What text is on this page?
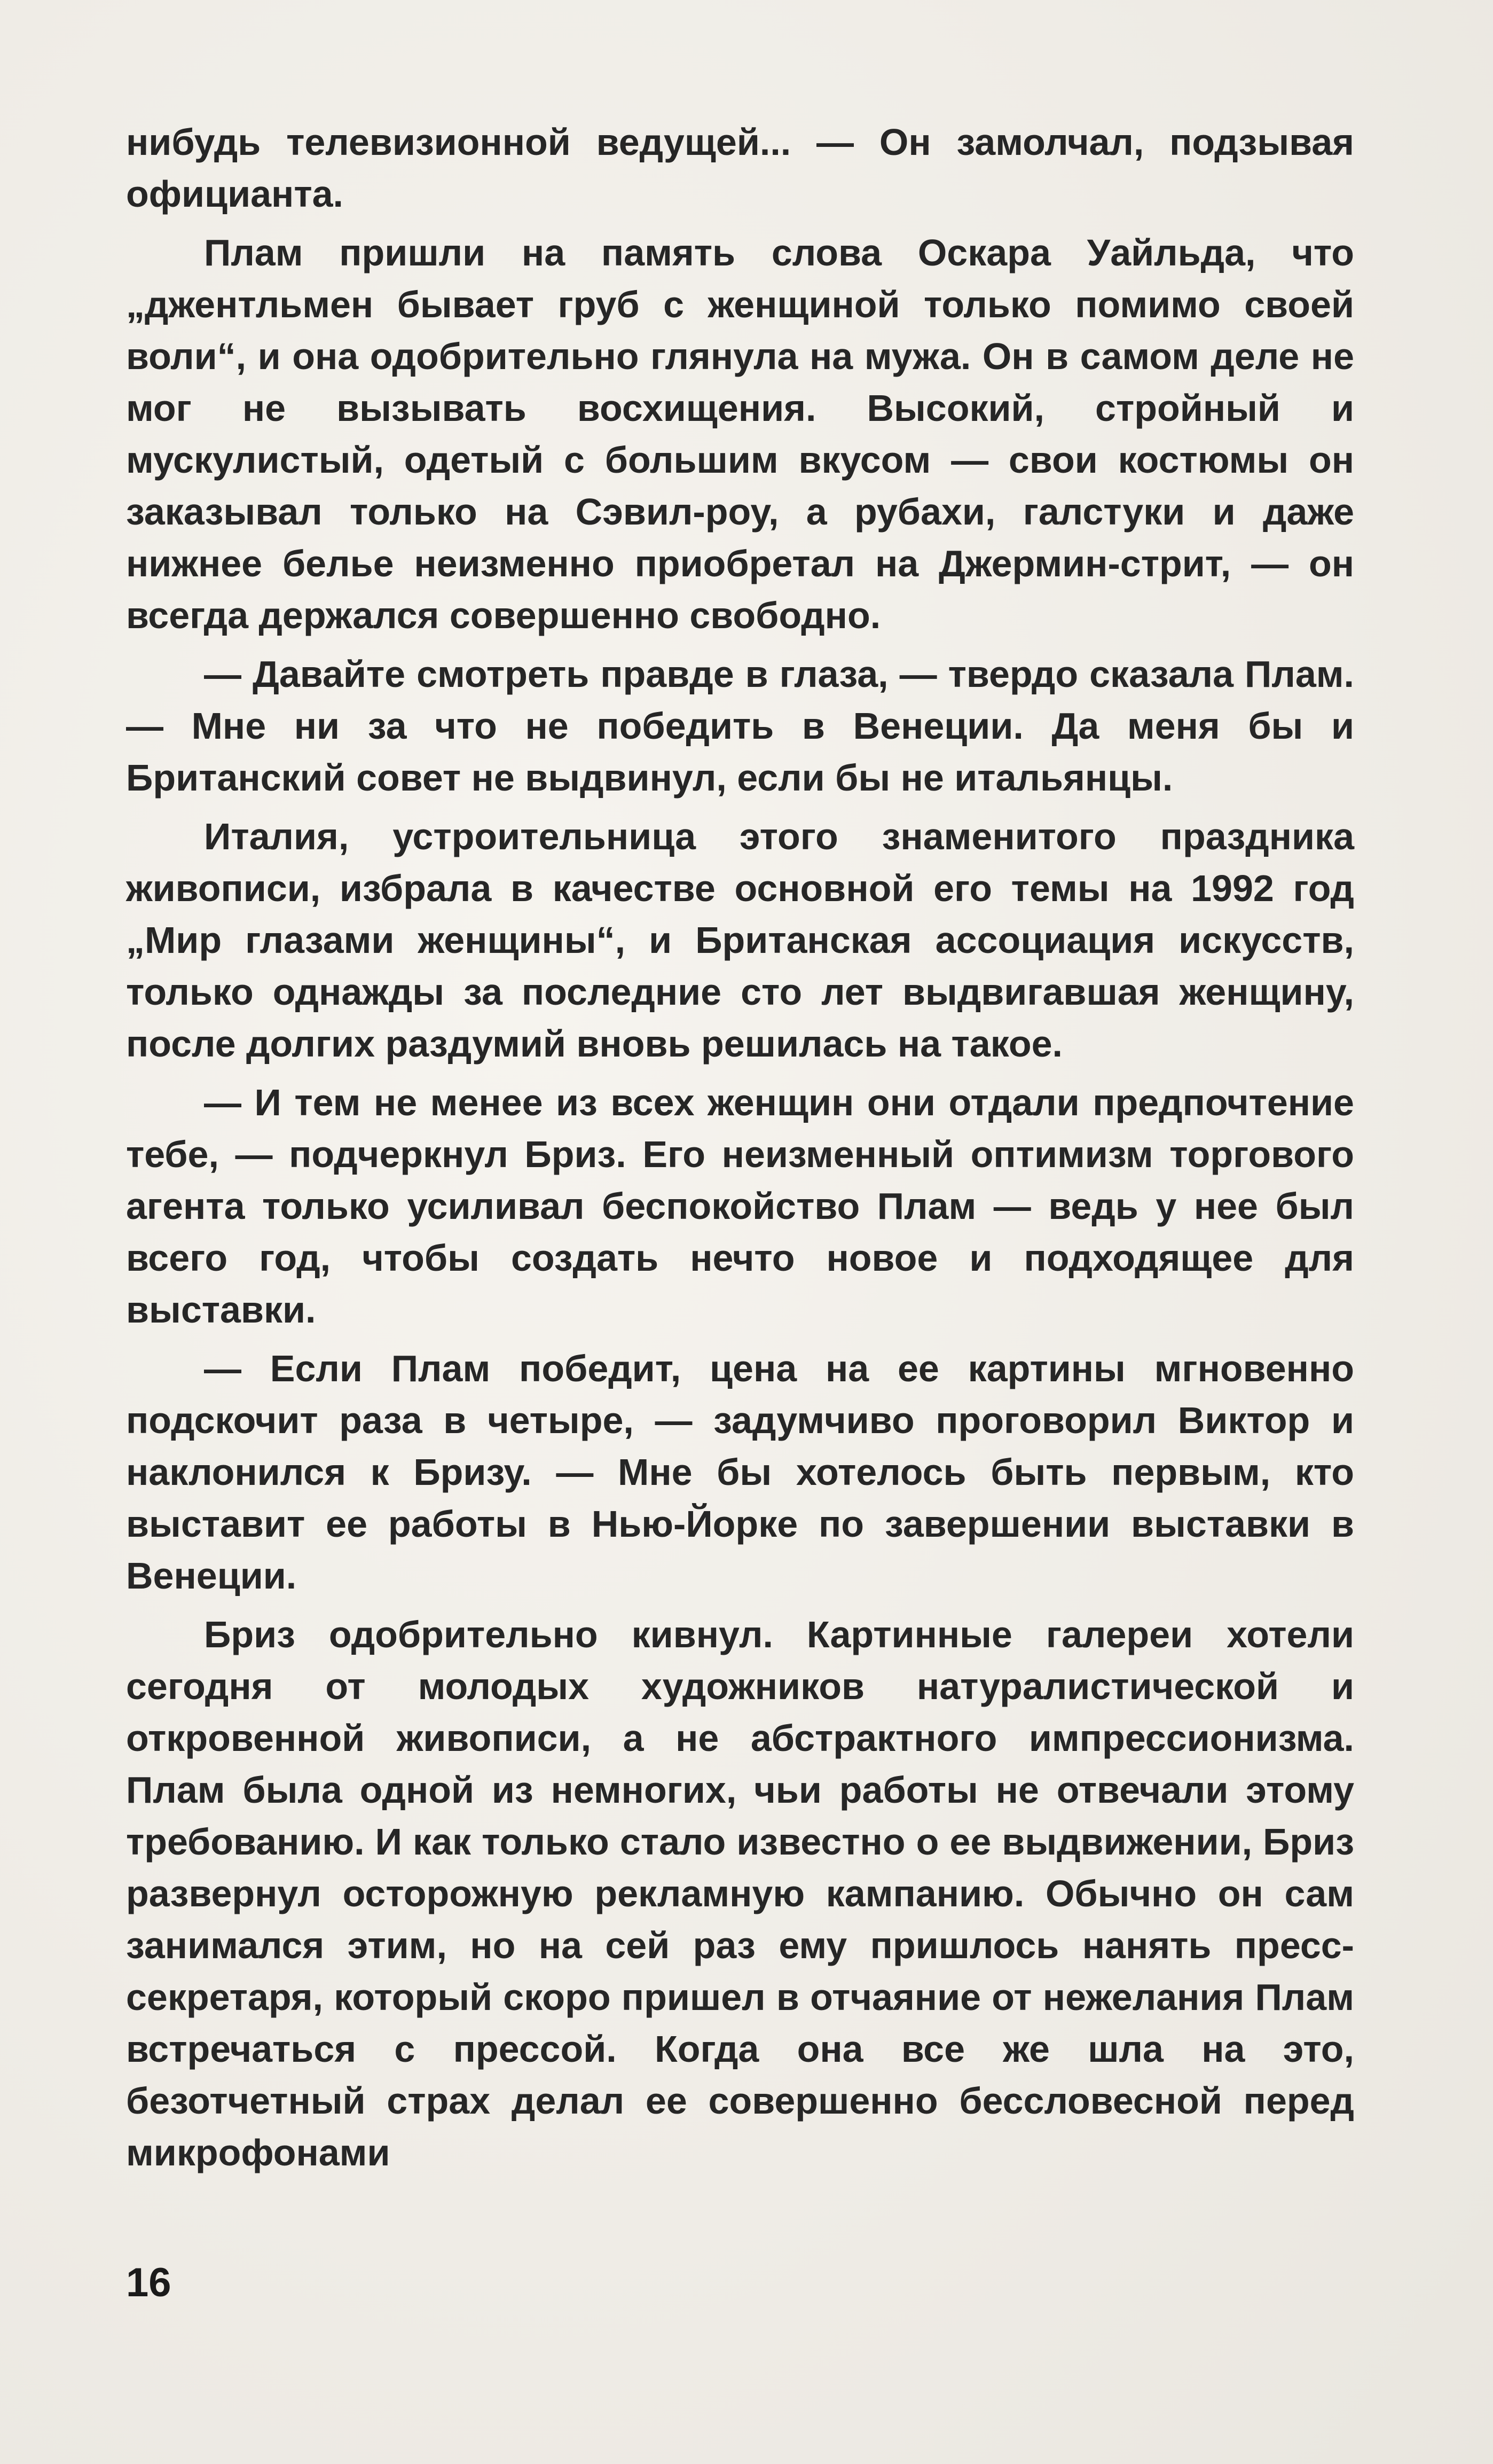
нибудь телевизионной ведущей... — Он замолчал, подзывая официанта.

Плам пришли на память слова Оскара Уайльда, что „джентльмен бывает груб с женщиной только помимо своей воли“, и она одобрительно глянула на мужа. Он в самом деле не мог не вызывать восхищения. Высокий, стройный и мускулистый, одетый с большим вкусом — свои костюмы он заказывал только на Сэвил-роу, а рубахи, галстуки и даже нижнее белье неизменно приобретал на Джермин-стрит, — он всегда держался совершенно свободно.

— Давайте смотреть правде в глаза, — твердо сказала Плам. — Мне ни за что не победить в Венеции. Да меня бы и Британский совет не выдвинул, если бы не итальянцы.

Италия, устроительница этого знаменитого праздника живописи, избрала в качестве основной его темы на 1992 год „Мир глазами женщины“, и Британская ассоциация искусств, только однажды за последние сто лет выдвигавшая женщину, после долгих раздумий вновь решилась на такое.

— И тем не менее из всех женщин они отдали предпочтение тебе, — подчеркнул Бриз. Его неизменный оптимизм торгового агента только усиливал беспокойство Плам — ведь у нее был всего год, чтобы создать нечто новое и подходящее для выставки.

— Если Плам победит, цена на ее картины мгновенно подскочит раза в четыре, — задумчиво проговорил Виктор и наклонился к Бризу. — Мне бы хотелось быть первым, кто выставит ее работы в Нью-Йорке по завершении выставки в Венеции.

Бриз одобрительно кивнул. Картинные галереи хотели сегодня от молодых художников натуралистической и откровенной живописи, а не абстрактного импрессионизма. Плам была одной из немногих, чьи работы не отвечали этому требованию. И как только стало известно о ее выдвижении, Бриз развернул осторожную рекламную кампанию. Обычно он сам занимался этим, но на сей раз ему пришлось нанять пресс-секретаря, который скоро пришел в отчаяние от нежелания Плам встречаться с прессой. Когда она все же шла на это, безотчетный страх делал ее совершенно бессловесной перед микрофонами

16
